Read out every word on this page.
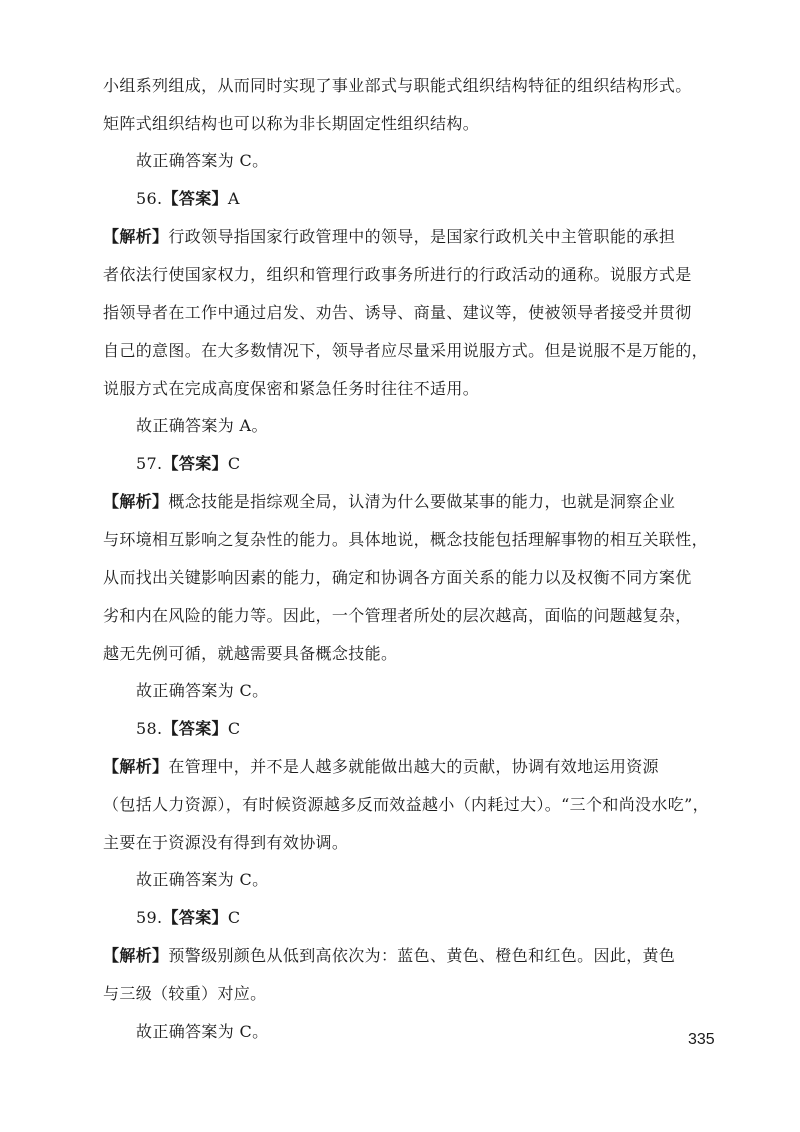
小组系列组成，从而同时实现了事业部式与职能式组织结构特征的组织结构形式。
矩阵式组织结构也可以称为非长期固定性组织结构。
故正确答案为 C。
56.【答案】A
【解析】行政领导指国家行政管理中的领导，是国家行政机关中主管职能的承担
者依法行使国家权力，组织和管理行政事务所进行的行政活动的通称。说服方式是
指领导者在工作中通过启发、劝告、诱导、商量、建议等，使被领导者接受并贯彻
自己的意图。在大多数情况下，领导者应尽量采用说服方式。但是说服不是万能的，
说服方式在完成高度保密和紧急任务时往往不适用。
故正确答案为 A。
57.【答案】C
【解析】概念技能是指综观全局，认清为什么要做某事的能力，也就是洞察企业
与环境相互影响之复杂性的能力。具体地说，概念技能包括理解事物的相互关联性，
从而找出关键影响因素的能力，确定和协调各方面关系的能力以及权衡不同方案优
劣和内在风险的能力等。因此，一个管理者所处的层次越高，面临的问题越复杂，
越无先例可循，就越需要具备概念技能。
故正确答案为 C。
58.【答案】C
【解析】在管理中，并不是人越多就能做出越大的贡献，协调有效地运用资源
（包括人力资源），有时候资源越多反而效益越小（内耗过大）。“三个和尚没水吃”，
主要在于资源没有得到有效协调。
故正确答案为 C。
59.【答案】C
【解析】预警级别颜色从低到高依次为：蓝色、黄色、橙色和红色。因此，黄色
与三级（较重）对应。
故正确答案为 C。	335
